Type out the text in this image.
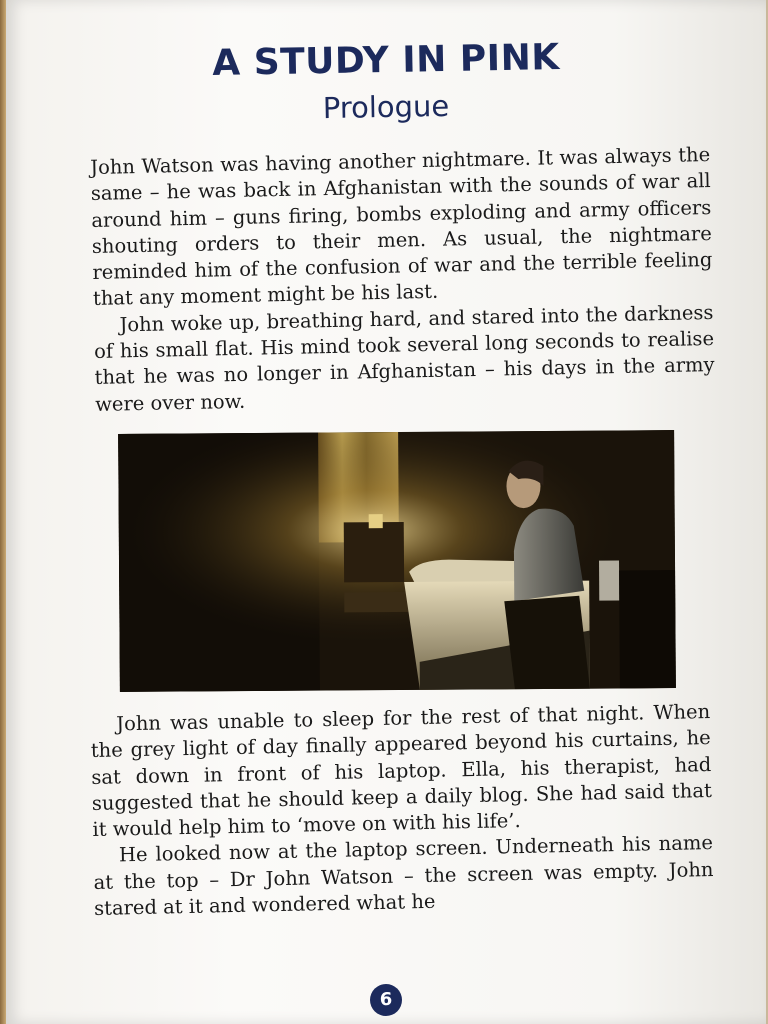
A STUDY IN PINK
Prologue

John Watson was having another nightmare. It was always the same – he was back in Afghanistan with the sounds of war all around him – guns firing, bombs exploding and army officers shouting orders to their men. As usual, the nightmare reminded him of the confusion of war and the terrible feeling that any moment might be his last.

John woke up, breathing hard, and stared into the darkness of his small flat. His mind took several long seconds to realise that he was no longer in Afghanistan – his days in the army were over now.

John was unable to sleep for the rest of that night. When the grey light of day finally appeared beyond his curtains, he sat down in front of his laptop. Ella, his therapist, had suggested that he should keep a daily blog. She had said that it would help him to ‘move on with his life’.

He looked now at the laptop screen. Underneath his name at the top – Dr John Watson – the screen was empty. John stared at it and wondered what he

6
